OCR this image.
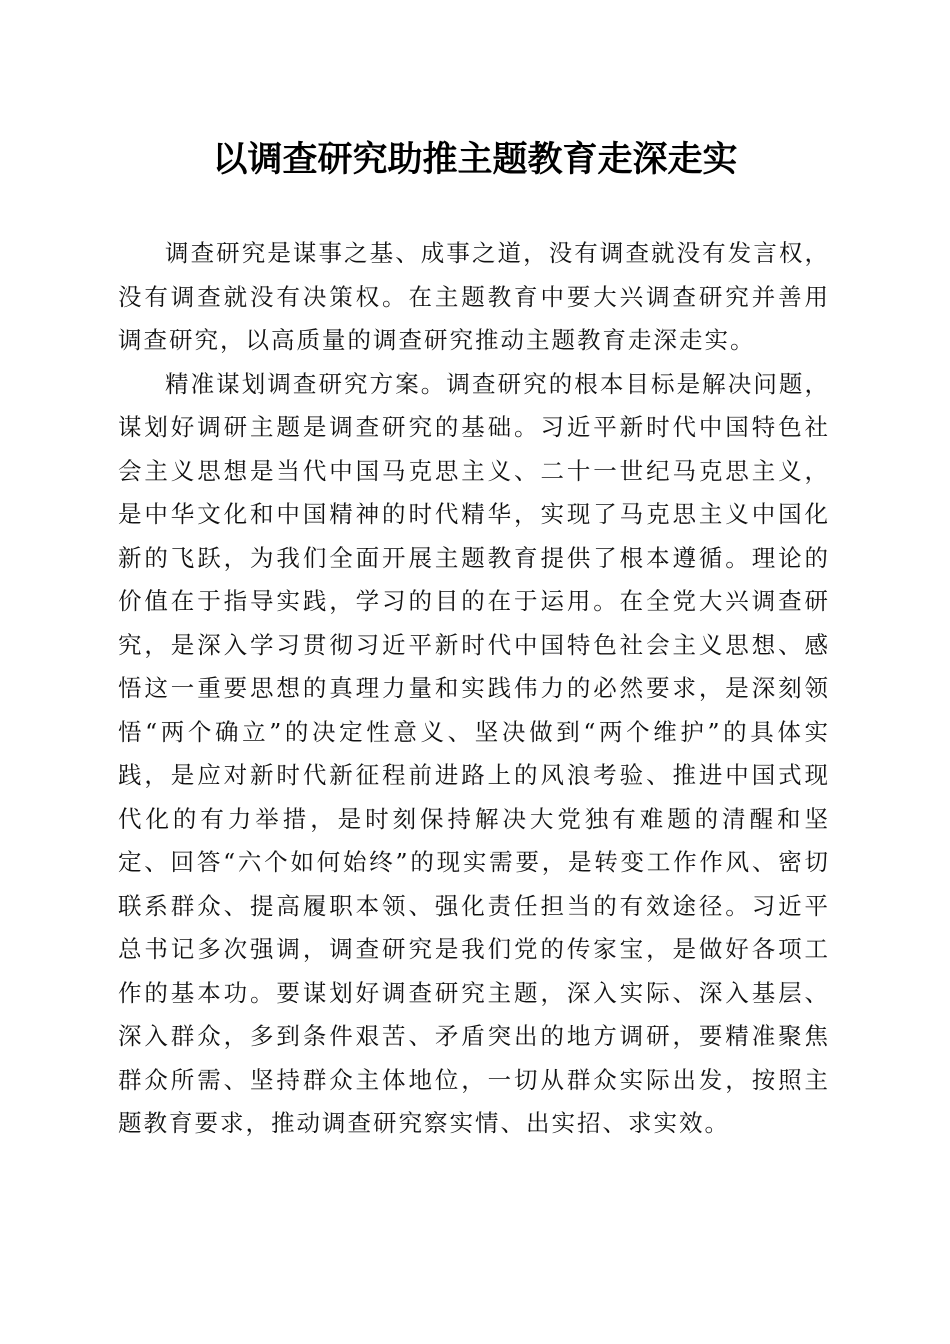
以调查研究助推主题教育走深走实

调查研究是谋事之基、成事之道，没有调查就没有发言权，没有调查就没有决策权。在主题教育中要大兴调查研究并善用调查研究，以高质量的调查研究推动主题教育走深走实。

精准谋划调查研究方案。调查研究的根本目标是解决问题，谋划好调研主题是调查研究的基础。习近平新时代中国特色社会主义思想是当代中国马克思主义、二十一世纪马克思主义，是中华文化和中国精神的时代精华，实现了马克思主义中国化新的飞跃，为我们全面开展主题教育提供了根本遵循。理论的价值在于指导实践，学习的目的在于运用。在全党大兴调查研究，是深入学习贯彻习近平新时代中国特色社会主义思想、感悟这一重要思想的真理力量和实践伟力的必然要求，是深刻领悟“两个确立”的决定性意义、坚决做到“两个维护”的具体实践，是应对新时代新征程前进路上的风浪考验、推进中国式现代化的有力举措，是时刻保持解决大党独有难题的清醒和坚定、回答“六个如何始终”的现实需要，是转变工作作风、密切联系群众、提高履职本领、强化责任担当的有效途径。习近平总书记多次强调，调查研究是我们党的传家宝，是做好各项工作的基本功。要谋划好调查研究主题，深入实际、深入基层、深入群众，多到条件艰苦、矛盾突出的地方调研，要精准聚焦群众所需、坚持群众主体地位，一切从群众实际出发，按照主题教育要求，推动调查研究察实情、出实招、求实效。
